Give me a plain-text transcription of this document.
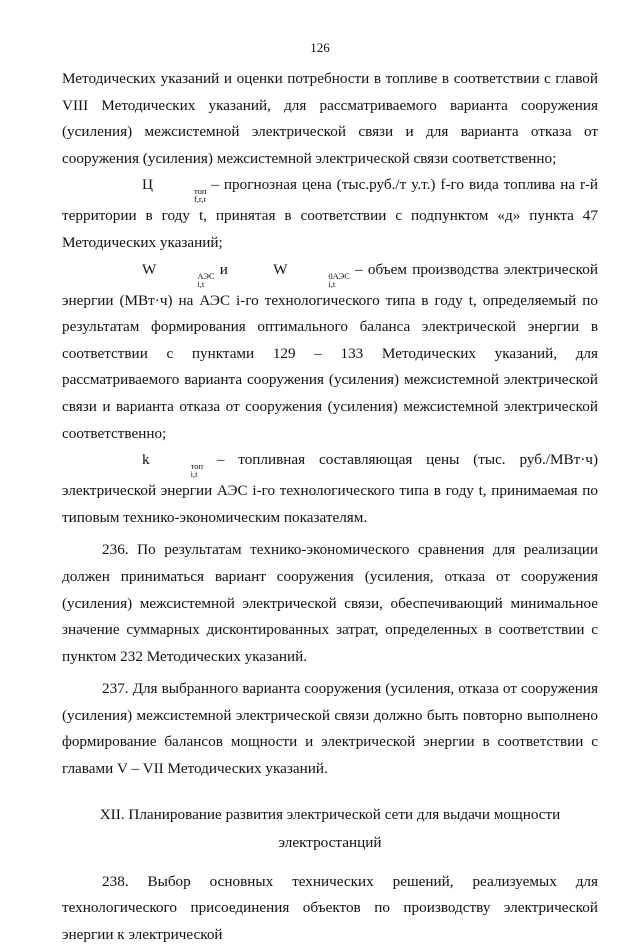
126

Методических указаний и оценки потребности в топливе в соответствии с главой VIII Методических указаний, для рассматриваемого варианта сооружения (усиления) межсистемной электрической связи и для варианта отказа от сооружения (усиления) межсистемной электрической связи соответственно;

Ц	топ
f,r,t
– прогнозная цена (тыс.руб./т у.т.) f-го вида топлива на r-й территории в году t, принятая в соответствии с подпунктом «д» пункта 47 Методических указаний;

W	АЭС
i,t
и	W	0АЭС
i,t
– объем производства электрической энергии (МВт·ч) на АЭС i-го технологического типа в году t, определяемый по результатам формирования оптимального баланса электрической энергии в соответствии с пунктами 129 – 133 Методических указаний, для рассматриваемого варианта сооружения (усиления) межсистемной электрической связи и варианта отказа от сооружения (усиления) межсистемной электрической соответственно;

k	топ
i,t
– топливная составляющая цены (тыс. руб./МВт·ч) электрической энергии АЭС i-го технологического типа в году t, принимаемая по типовым технико-экономическим показателям.

236. По результатам технико-экономического сравнения для реализации должен приниматься вариант сооружения (усиления, отказа от сооружения (усиления) межсистемной электрической связи, обеспечивающий минимальное значение суммарных дисконтированных затрат, определенных в соответствии с пунктом 232 Методических указаний.

237. Для выбранного варианта сооружения (усиления, отказа от сооружения (усиления) межсистемной электрической связи должно быть повторно выполнено формирование балансов мощности и электрической энергии в соответствии с главами V – VII Методических указаний.

XII. Планирование развития электрической сети для выдачи мощности
электростанций

238. Выбор основных технических решений, реализуемых для технологического присоединения объектов по производству электрической энергии к электрической
